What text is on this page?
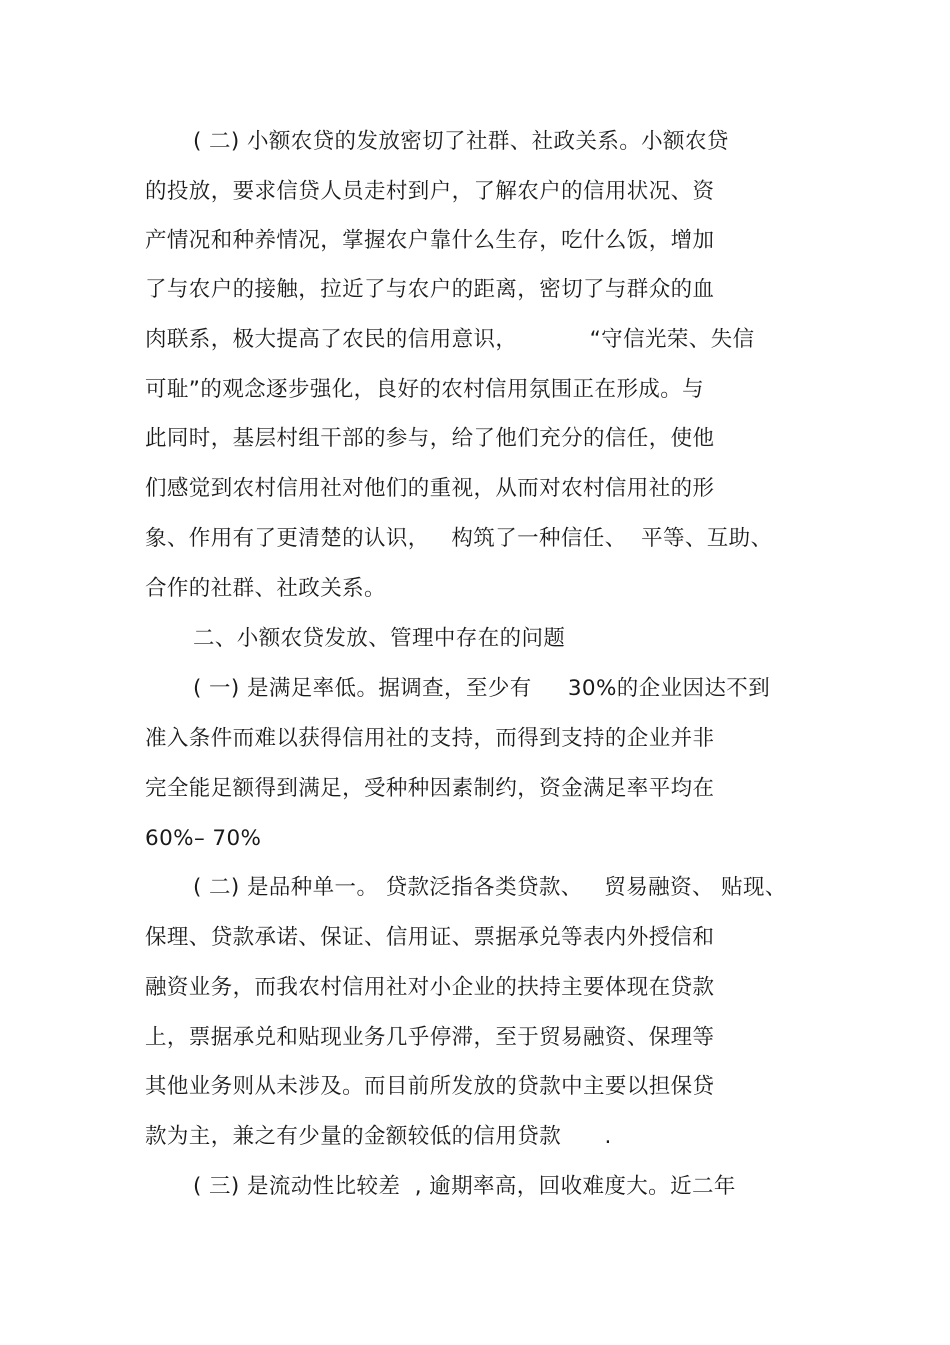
( 二) 小额农贷的发放密切了社群、社政关系。小额农贷
的投放，要求信贷人员走村到户，了解农户的信用状况、资
产情况和种养情况，掌握农户靠什么生存，吃什么饭，增加
了与农户的接触，拉近了与农户的距离，密切了与群众的血
肉联系，极大提高了农民的信用意识，          “守信光荣、失信
可耻”的观念逐步强化，良好的农村信用氛围正在形成。与
此同时，基层村组干部的参与，给了他们充分的信任，使他
们感觉到农村信用社对他们的重视，从而对农村信用社的形
象、作用有了更清楚的认识，   构筑了一种信任、  平等、互助、
合作的社群、社政关系。
二、小额农贷发放、管理中存在的问题
( 一) 是满足率低。据调查，至少有     30%的企业因达不到
准入条件而难以获得信用社的支持，而得到支持的企业并非
完全能足额得到满足，受种种因素制约，资金满足率平均在
60%– 70%
( 二) 是品种单一。 贷款泛指各类贷款、   贸易融资、 贴现、
保理、贷款承诺、保证、信用证、票据承兑等表内外授信和
融资业务，而我农村信用社对小企业的扶持主要体现在贷款
上，票据承兑和贴现业务几乎停滞，至于贸易融资、保理等
其他业务则从未涉及。而目前所发放的贷款中主要以担保贷
款为主，兼之有少量的金额较低的信用贷款      .
( 三) 是流动性比较差  , 逾期率高，回收难度大。近二年
